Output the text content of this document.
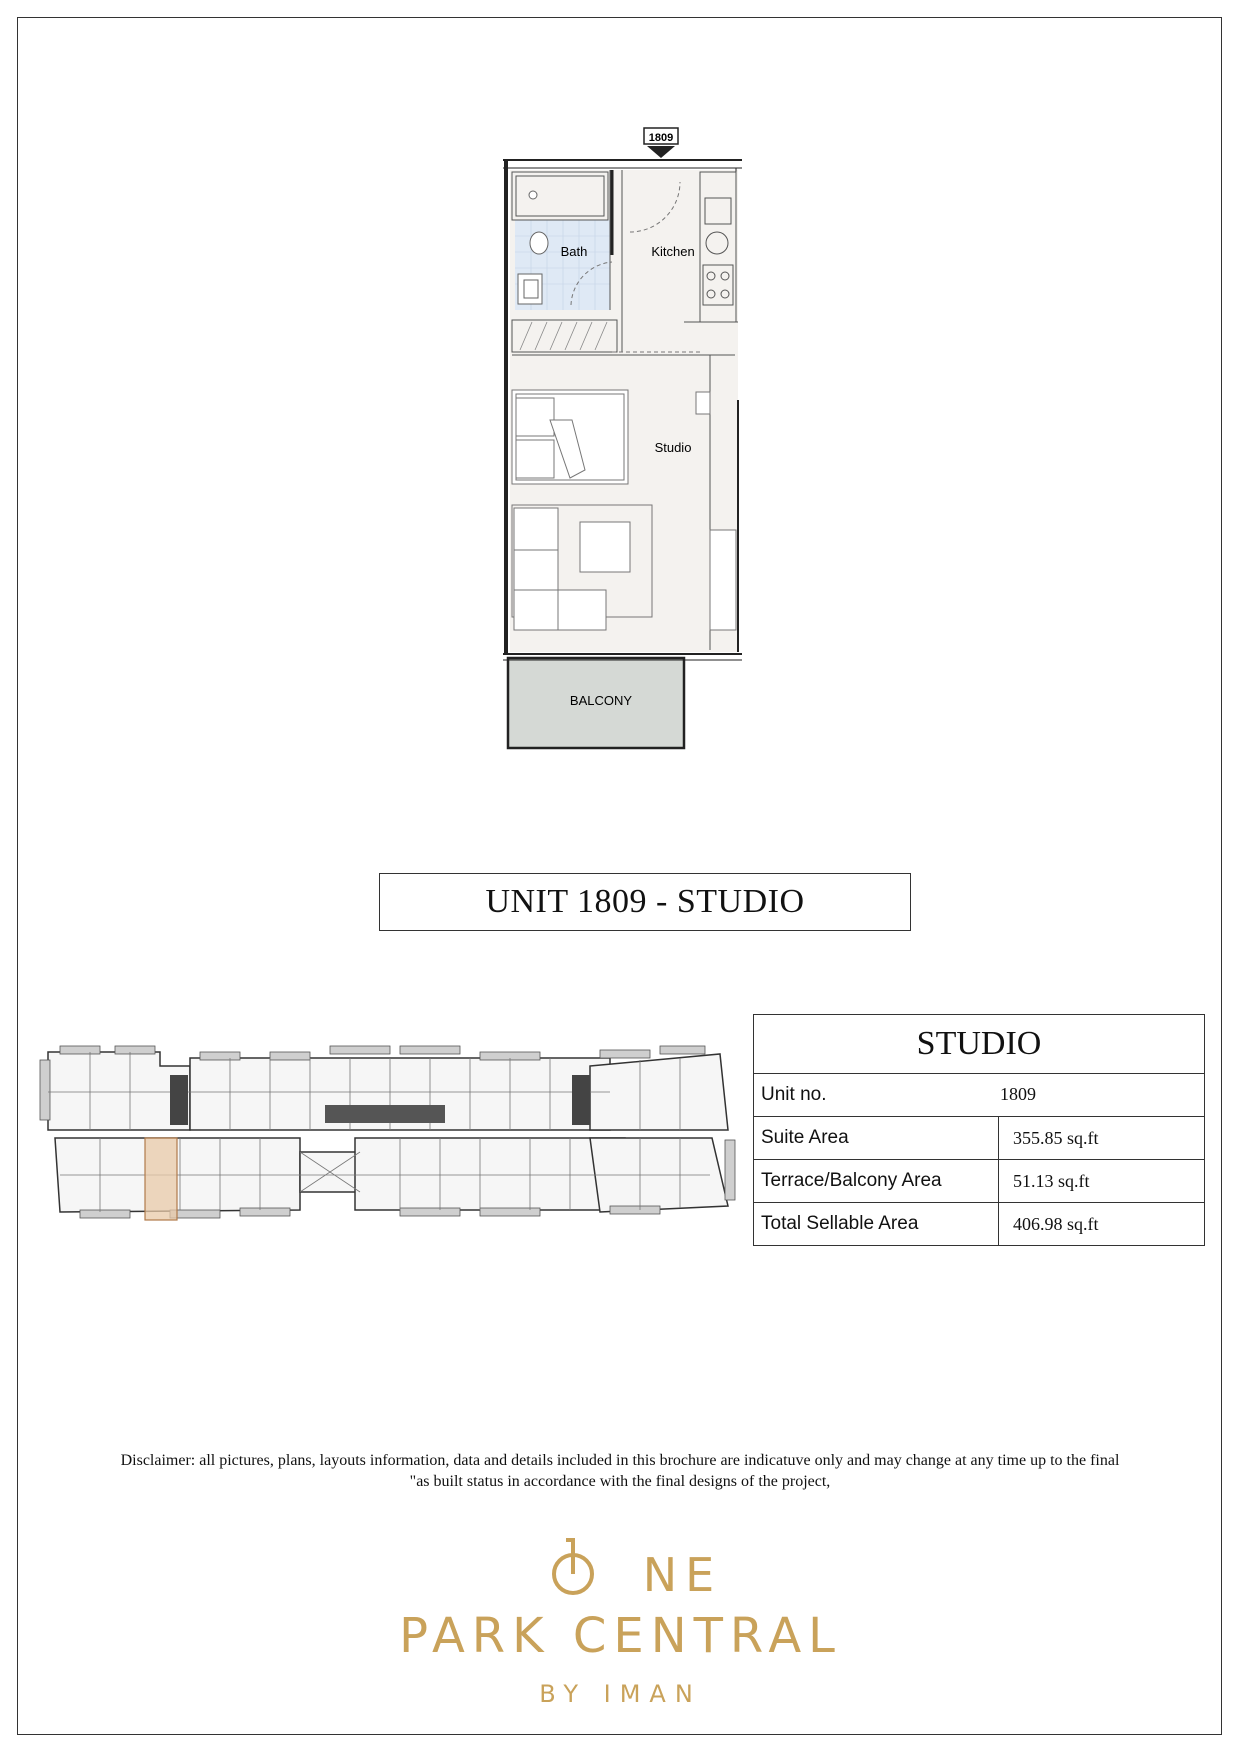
1809
Bath	Kitchen
Studio
BALCONY
UNIT 1809 - STUDIO
STUDIO	
Unit no. 1809	

Suite Area	355.85 sq.ft
Terrace/Balcony Area	51.13 sq.ft
Total Sellable Area	406.98 sq.ft
Disclaimer: all pictures, plans, layouts information, data and details included in this brochure are indicatuve only and may change at any time up to the final
"as built status in accordance with the final designs of the project,
NE
PARK CENTRAL
BY IMAN
